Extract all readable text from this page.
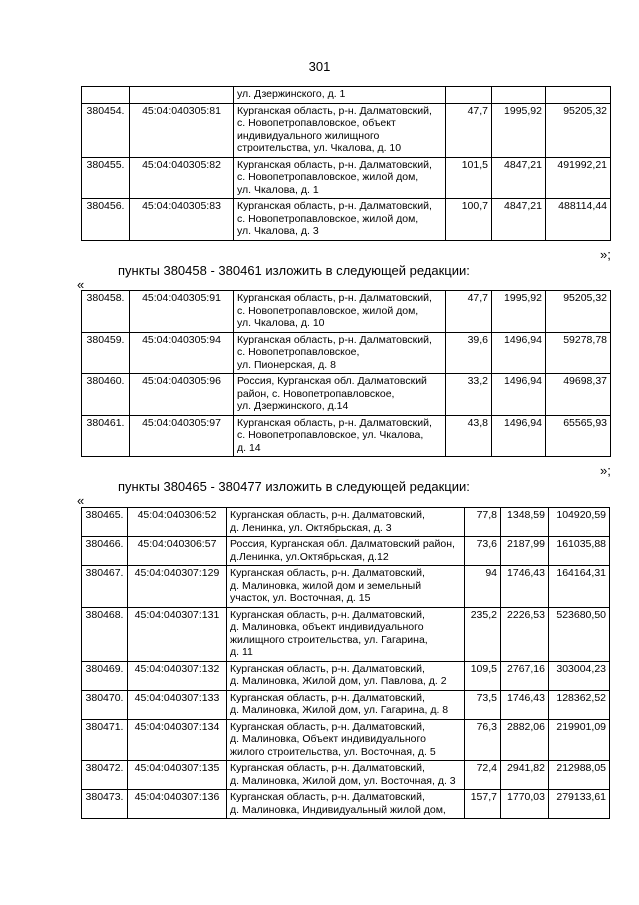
301

		ул. Дзержинского, д. 1			

380454.	45:04:040305:81	Курганская область, р-н. Далматовский,
с. Новопетропавловское, объект
индивидуального жилищного
строительства, ул. Чкалова, д. 10	47,7	1995,92	95205,32
380455.	45:04:040305:82	Курганская область, р-н. Далматовский,
с. Новопетропавловское, жилой дом,
ул. Чкалова, д. 1	101,5	4847,21	491992,21
380456.	45:04:040305:83	Курганская область, р-н. Далматовский,
с. Новопетропавловское, жилой дом,
ул. Чкалова, д. 3	100,7	4847,21	488114,44
»;
пункты 380458 - 380461 изложить в следующей редакции:
«
380458.	45:04:040305:91	Курганская область, р-н. Далматовский,
с. Новопетропавловское, жилой дом,
ул. Чкалова, д. 10	47,7	1995,92	95205,32
380459.	45:04:040305:94	Курганская область, р-н. Далматовский,
с. Новопетропавловское,
ул. Пионерская, д. 8	39,6	1496,94	59278,78
380460.	45:04:040305:96	Россия, Курганская обл. Далматовский
район, с. Новопетропавловское,
ул. Дзержинского, д.14	33,2	1496,94	49698,37
380461.	45:04:040305:97	Курганская область, р-н. Далматовский,
с. Новопетропавловское, ул. Чкалова,
д. 14	43,8	1496,94	65565,93
»;
пункты 380465 - 380477 изложить в следующей редакции:
«
380465.	45:04:040306:52	Курганская область, р-н. Далматовский,
д. Ленинка, ул. Октябрьская, д. 3	77,8	1348,59	104920,59
380466.	45:04:040306:57	Россия, Курганская обл. Далматовский район,
д.Ленинка, ул.Октябрьская, д.12	73,6	2187,99	161035,88
380467.	45:04:040307:129	Курганская область, р-н. Далматовский,
д. Малиновка, жилой дом и земельный
участок, ул. Восточная, д. 15	94	1746,43	164164,31
380468.	45:04:040307:131	Курганская область, р-н. Далматовский,
д. Малиновка, объект индивидуального
жилищного строительства, ул. Гагарина,
д. 11	235,2	2226,53	523680,50
380469.	45:04:040307:132	Курганская область, р-н. Далматовский,
д. Малиновка, Жилой дом, ул. Павлова, д. 2	109,5	2767,16	303004,23
380470.	45:04:040307:133	Курганская область, р-н. Далматовский,
д. Малиновка, Жилой дом, ул. Гагарина, д. 8	73,5	1746,43	128362,52
380471.	45:04:040307:134	Курганская область, р-н. Далматовский,
д. Малиновка, Объект индивидуального
жилого строительства, ул. Восточная, д. 5	76,3	2882,06	219901,09
380472.	45:04:040307:135	Курганская область, р-н. Далматовский,
д. Малиновка, Жилой дом, ул. Восточная, д. 3	72,4	2941,82	212988,05
380473.	45:04:040307:136	Курганская область, р-н. Далматовский,
д. Малиновка, Индивидуальный жилой дом,	157,7	1770,03	279133,61
